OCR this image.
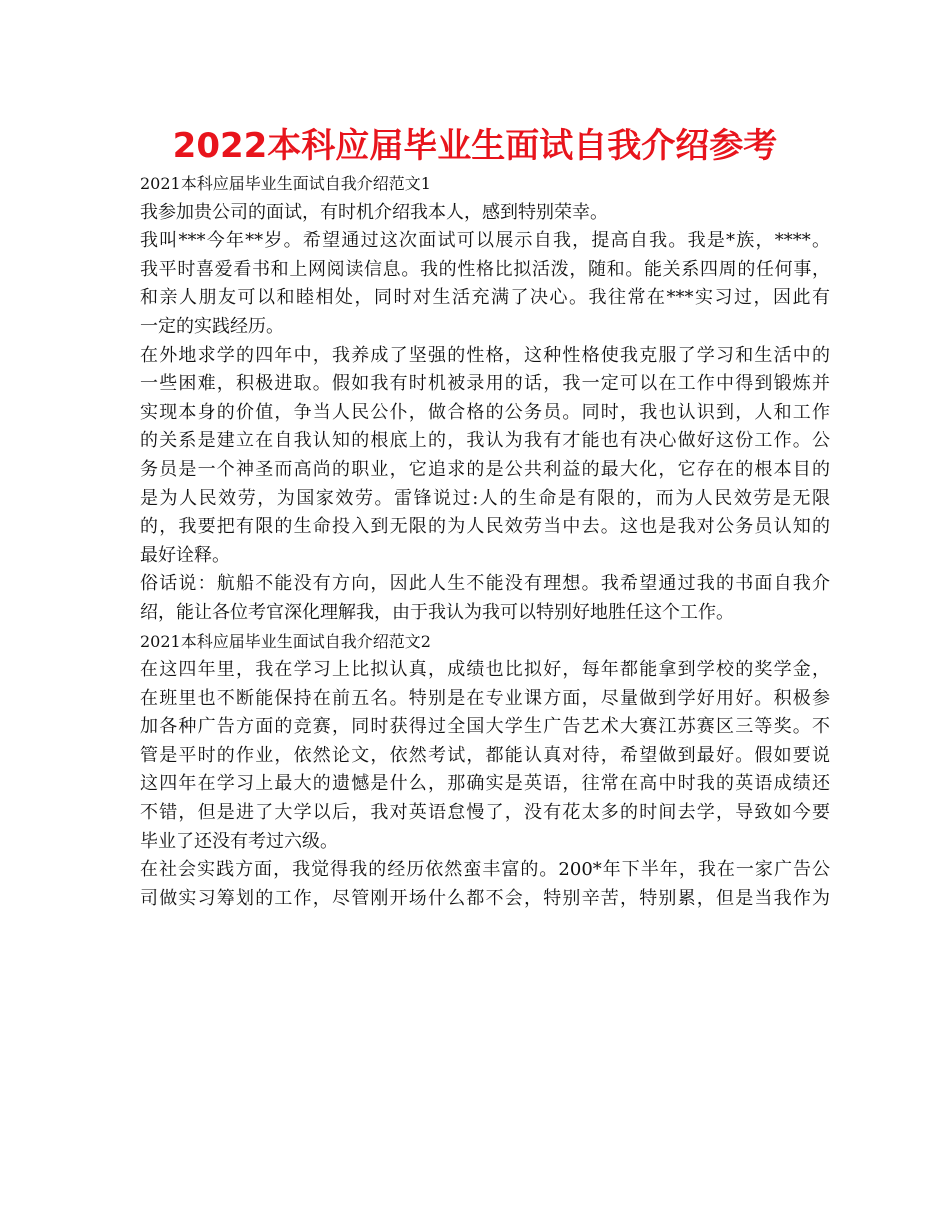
2022本科应届毕业生面试自我介绍参考

2021本科应届毕业生面试自我介绍范文1

我参加贵公司的面试，有时机介绍我本人，感到特别荣幸。

我叫***今年**岁。希望通过这次面试可以展示自我，提高自我。我是*族，****。

我平时喜爱看书和上网阅读信息。我的性格比拟活泼，随和。能关系四周的任何事，

和亲人朋友可以和睦相处，同时对生活充满了决心。我往常在***实习过，因此有

一定的实践经历。

在外地求学的四年中，我养成了坚强的性格，这种性格使我克服了学习和生活中的

一些困难，积极进取。假如我有时机被录用的话，我一定可以在工作中得到锻炼并

实现本身的价值，争当人民公仆，做合格的公务员。同时，我也认识到，人和工作

的关系是建立在自我认知的根底上的，我认为我有才能也有决心做好这份工作。公

务员是一个神圣而高尚的职业，它追求的是公共利益的最大化，它存在的根本目的

是为人民效劳，为国家效劳。雷锋说过:人的生命是有限的，而为人民效劳是无限

的，我要把有限的生命投入到无限的为人民效劳当中去。这也是我对公务员认知的

最好诠释。

俗话说：航船不能没有方向，因此人生不能没有理想。我希望通过我的书面自我介

绍，能让各位考官深化理解我，由于我认为我可以特别好地胜任这个工作。

2021本科应届毕业生面试自我介绍范文2

在这四年里，我在学习上比拟认真，成绩也比拟好，每年都能拿到学校的奖学金，

在班里也不断能保持在前五名。特别是在专业课方面，尽量做到学好用好。积极参

加各种广告方面的竞赛，同时获得过全国大学生广告艺术大赛江苏赛区三等奖。不

管是平时的作业，依然论文，依然考试，都能认真对待，希望做到最好。假如要说

这四年在学习上最大的遗憾是什么，那确实是英语，往常在高中时我的英语成绩还

不错，但是进了大学以后，我对英语怠慢了，没有花太多的时间去学，导致如今要

毕业了还没有考过六级。

在社会实践方面，我觉得我的经历依然蛮丰富的。200*年下半年，我在一家广告公

司做实习筹划的工作，尽管刚开场什么都不会，特别辛苦，特别累，但是当我作为
